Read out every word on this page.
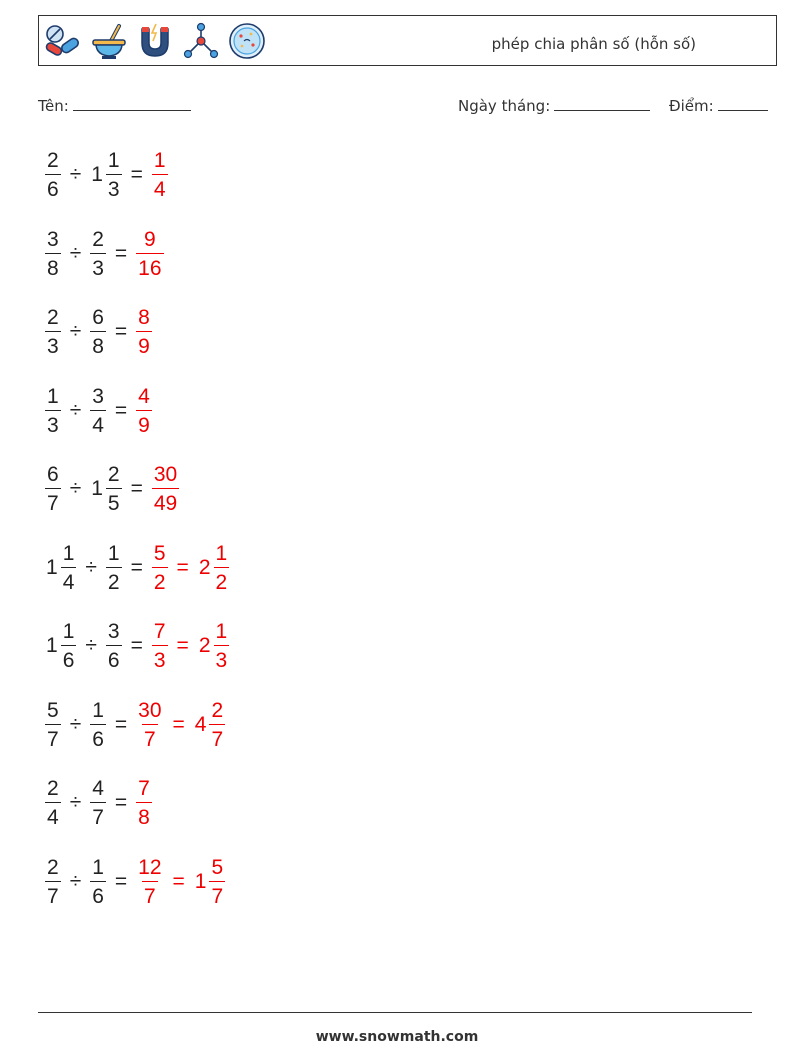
phép chia phân số (hỗn số)
Tên:	Ngày tháng:	Điểm:
$\frac{2}{6} \div 1 \frac{1}{3} = \frac{1}{4}$
$\frac{3}{8} \div \frac{2}{3} = \frac{9}{16}$
$\frac{2}{3} \div \frac{6}{8} = \frac{8}{9}$
$\frac{1}{3} \div \frac{3}{4} = \frac{4}{9}$
$\frac{6}{7} \div 1 \frac{2}{5} = \frac{30}{49}$
$1 \frac{1}{4} \div \frac{1}{2} = \frac{5}{2} = 2 \frac{1}{2}$
$1 \frac{1}{6} \div \frac{3}{6} = \frac{7}{3} = 2 \frac{1}{3}$
$\frac{5}{7} \div \frac{1}{6} = \frac{30}{7} = 4 \frac{2}{7}$
$\frac{2}{4} \div \frac{4}{7} = \frac{7}{8}$
$\frac{2}{7} \div \frac{1}{6} = \frac{12}{7} = 1 \frac{5}{7}$
www.snowmath.com
